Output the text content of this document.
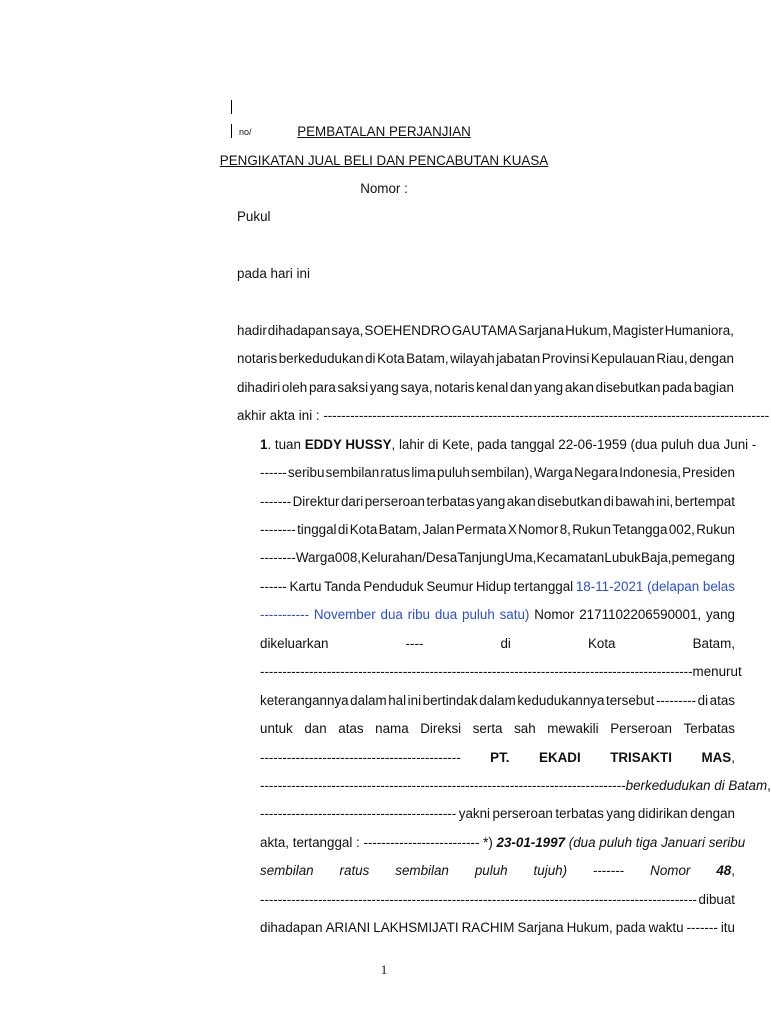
no/	PEMBATALAN PERJANJIAN
PENGIKATAN JUAL BELI DAN PENCABUTAN KUASA
Nomor :
Pukul
pada hari ini
hadir dihadapan saya, SOEHENDRO GAUTAMA Sarjana Hukum, Magister Humaniora,
notaris berkedudukan di Kota Batam, wilayah jabatan Provinsi Kepulauan Riau, dengan
dihadiri oleh para saksi yang saya, notaris kenal dan yang akan disebutkan pada bagian
akhir akta ini : ----------------------------------------------------------------------------------------------------
1 . tuan EDDY HUSSY , lahir di Kete, pada tanggal 22-06-1959 (dua puluh dua Juni -
------ seribu sembilan ratus lima puluh sembilan), Warga Negara Indonesia, Presiden
------- Direktur dari perseroan terbatas yang akan disebutkan di bawah ini, bertempat
-------- tinggal di Kota Batam, Jalan Permata X Nomor 8, Rukun Tetangga 002, Rukun
-------- Warga 008, Kelurahan/Desa Tanjung Uma, Kecamatan Lubuk Baja, pemegang
------ Kartu Tanda Penduduk Seumur Hidup tertanggal 18-11-2021 (delapan belas
----------- November dua ribu dua puluh satu) Nomor 2171102206590001, yang
dikeluarkan	----	di	Kota	Batam,
------------------------------------------------------------------------------------------------- menurut
keterangannya dalam hal ini bertindak dalam kedudukannya tersebut --------- di atas
untuk dan atas nama Direksi serta sah mewakili Perseroan Terbatas
--------------------------------------------- PT. EKADI TRISAKTI MAS,
---------------------------------------------------------------------------------- berkedudukan di Batam,
-------------------------------------------- yakni perseroan terbatas yang didirikan dengan
akta, tertanggal : -------------------------- *) 23-01-1997 (dua puluh tiga Januari seribu
sembilan ratus sembilan puluh tujuh) ------- Nomor 48,
-------------------------------------------------------------------------------------------------- dibuat
dihadapan ARIANI LAKHSMIJATI RACHIM Sarjana Hukum, pada waktu ------- itu
1
